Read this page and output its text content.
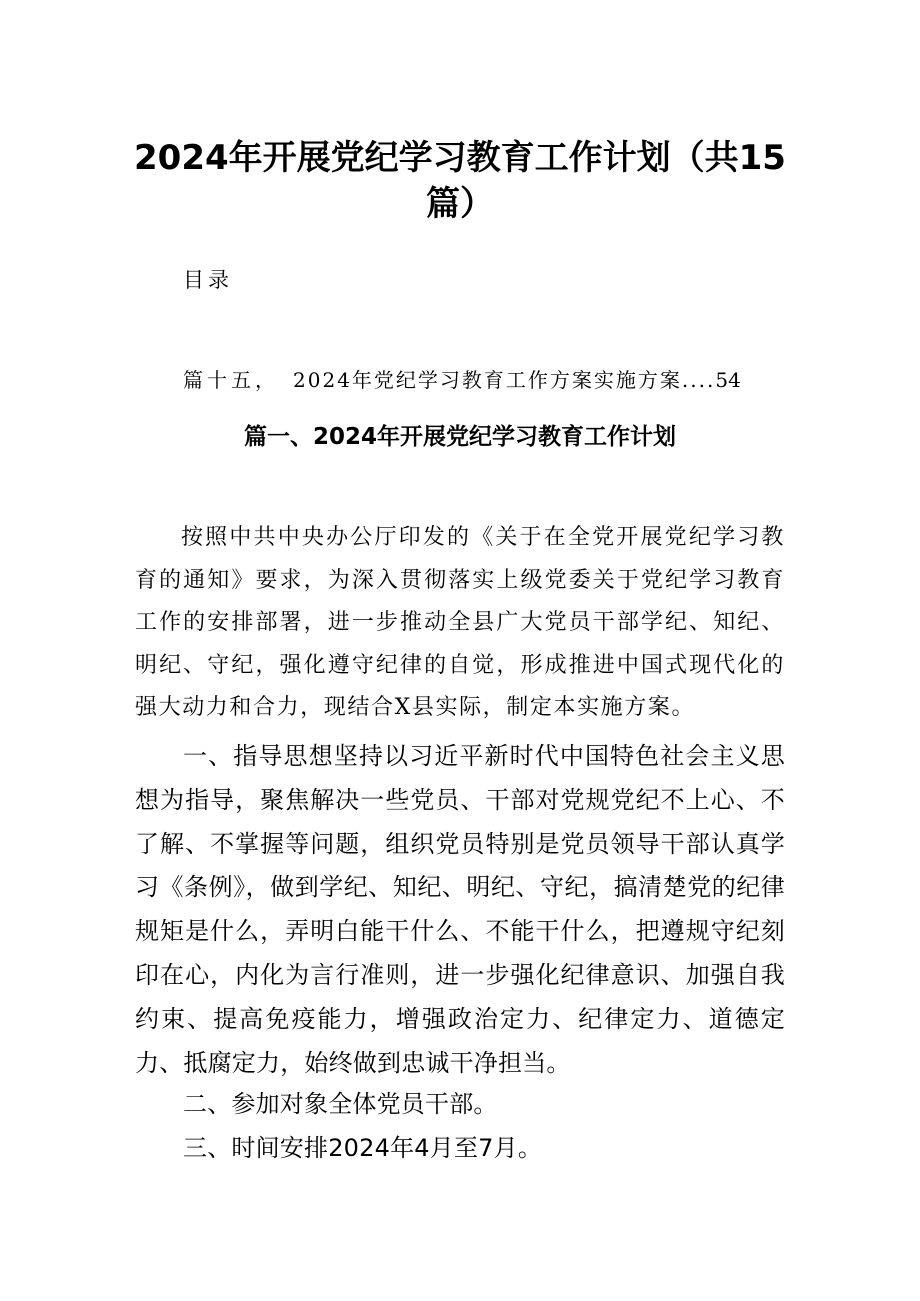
2024年开展党纪学习教育工作计划（共15
篇）
目录
篇十五， 2024年党纪学习教育工作方案实施方案....54
篇一、2024年开展党纪学习教育工作计划

按照中共中央办公厅印发的《关于在全党开展党纪学习教育的通知》要求，为深入贯彻落实上级党委关于党纪学习教育工作的安排部署，进一步推动全县广大党员干部学纪、知纪、明纪、守纪，强化遵守纪律的自觉，形成推进中国式现代化的强大动力和合力，现结合X县实际，制定本实施方案。

一、指导思想坚持以习近平新时代中国特色社会主义思想为指导，聚焦解决一些党员、干部对党规党纪不上心、不了解、不掌握等问题，组织党员特别是党员领导干部认真学习《条例》，做到学纪、知纪、明纪、守纪，搞清楚党的纪律规矩是什么，弄明白能干什么、不能干什么，把遵规守纪刻印在心，内化为言行准则，进一步强化纪律意识、加强自我约束、提高免疫能力，增强政治定力、纪律定力、道德定力、抵腐定力，始终做到忠诚干净担当。

二、参加对象全体党员干部。

三、时间安排2024年4月至7月。
